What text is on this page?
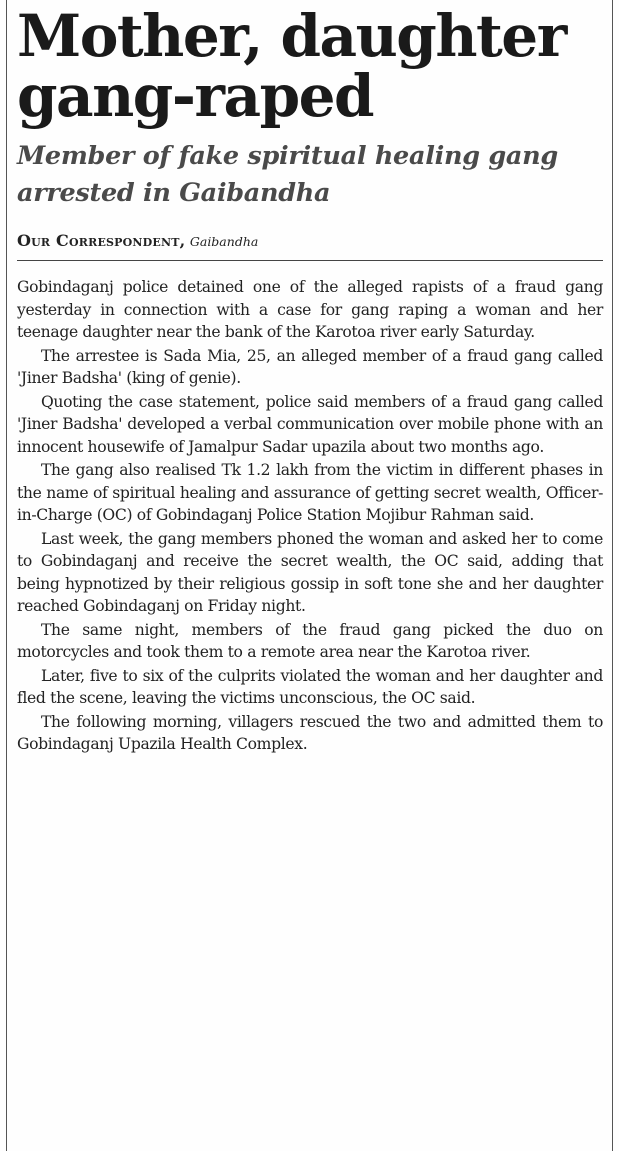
Mother, daughter gang-raped
Member of fake spiritual healing gang arrested in Gaibandha
Our Correspondent, Gaibandha

Gobindaganj police detained one of the alleged rapists of a fraud gang yesterday in connection with a case for gang raping a woman and her teenage daughter near the bank of the Karotoa river early Saturday.

The arrestee is Sada Mia, 25, an alleged member of a fraud gang called 'Jiner Badsha' (king of genie).

Quoting the case statement, police said members of a fraud gang called 'Jiner Badsha' developed a verbal communication over mobile phone with an innocent housewife of Jamalpur Sadar upazila about two months ago.

The gang also realised Tk 1.2 lakh from the victim in different phases in the name of spiritual healing and assurance of getting secret wealth, Officer-in-Charge (OC) of Gobindaganj Police Station Mojibur Rahman said.

Last week, the gang members phoned the woman and asked her to come to Gobindaganj and receive the secret wealth, the OC said, adding that being hypnotized by their religious gossip in soft tone she and her daughter reached Gobindaganj on Friday night.

The same night, members of the fraud gang picked the duo on motorcycles and took them to a remote area near the Karotoa river.

Later, five to six of the culprits violated the woman and her daughter and fled the scene, leaving the victims unconscious, the OC said.

The following morning, villagers rescued the two and admitted them to Gobindaganj Upazila Health Complex.
